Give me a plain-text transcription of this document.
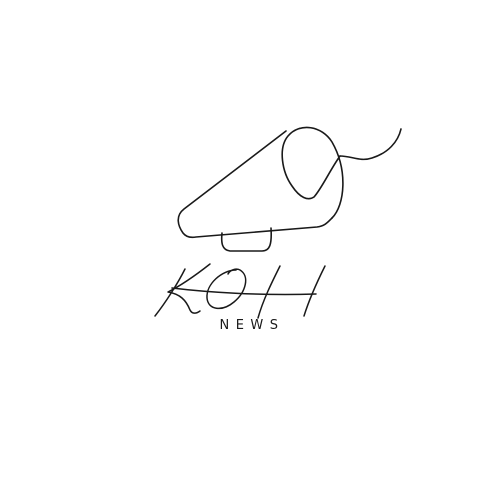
NEWS
